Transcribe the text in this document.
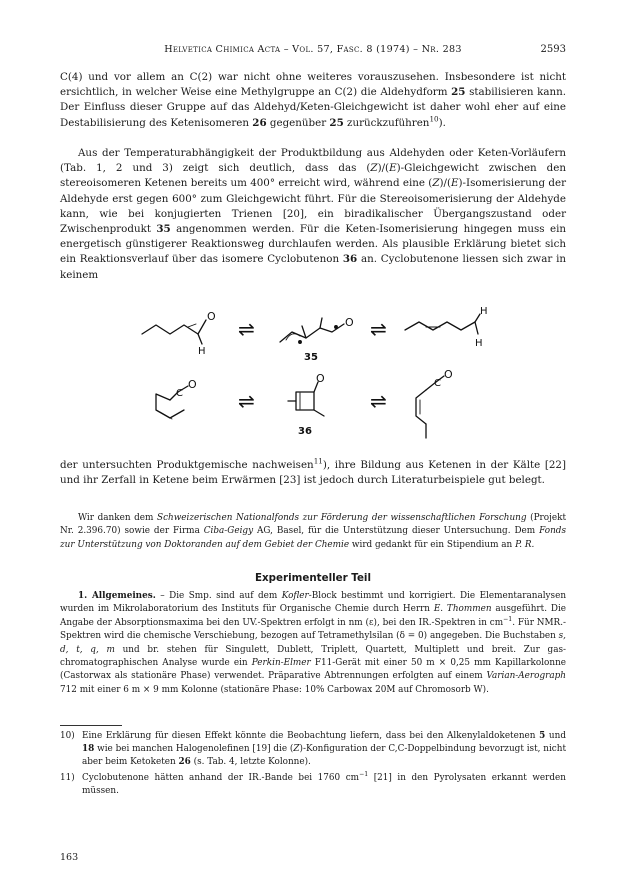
Helvetica Chimica Acta – Vol. 57, Fasc. 8 (1974) – Nr. 283	2593

C(4) und vor allem an C(2) war nicht ohne weiteres vorauszusehen. Insbesondere ist nicht ersichtlich, in welcher Weise eine Methylgruppe an C(2) die Aldehydform 25 stabilisieren kann. Der Einfluss dieser Gruppe auf das Aldehyd/Keten-Gleichgewicht ist daher wohl eher auf eine Destabilisierung des Ketenisomeren 26 gegenüber 25 zurückzuführen$^{10}$).

Aus der Temperaturabhängigkeit der Produktbildung aus Aldehyden oder Keten-Vorläufern (Tab. 1, 2 und 3) zeigt sich deutlich, dass das (Z)/(E)-Gleichgewicht zwischen den stereoisomeren Ketenen bereits um 400° erreicht wird, während eine (Z)/(E)-Isomerisierung der Aldehyde erst gegen 600° zum Gleichgewicht führt. Für die Stereoisomerisierung der Aldehyde kann, wie bei konjugierten Trienen [20], ein biradikalischer Übergangszustand oder Zwischenprodukt 35 angenommen werden. Für die Keten-Isomerisierung hingegen muss ein energetisch günstigerer Reaktionsweg durchlaufen werden. Als plausible Erklärung bietet sich ein Reaktionsverlauf über das isomere Cyclobutenon 36 an. Cyclobutenone liessen sich zwar in keinem

O
H
O
H
H
C
O	O	C
O
⇌	⇌
⇌	⇌
35
36

der untersuchten Produktgemische nachweisen$^{11}$), ihre Bildung aus Ketenen in der Kälte [22] und ihr Zerfall in Ketene beim Erwärmen [23] ist jedoch durch Literaturbeispiele gut belegt.

Wir danken dem Schweizerischen Nationalfonds zur Förderung der wissenschaftlichen Forschung (Projekt Nr. 2.396.70) sowie der Firma Ciba-Geigy AG, Basel, für die Unterstützung dieser Untersuchung. Dem Fonds zur Unterstützung von Doktoranden auf dem Gebiet der Chemie wird gedankt für ein Stipendium an P. R.

Experimenteller Teil

1. Allgemeines. – Die Smp. sind auf dem Kofler-Block bestimmt und korrigiert. Die Elementaranalysen wurden im Mikrolaboratorium des Instituts für Organische Chemie durch Herrn E. Thommen ausgeführt. Die Angabe der Absorptionsmaxima bei den UV.-Spektren erfolgt in nm (ε), bei den IR.-Spektren in $cm^{-1}$. Für NMR.-Spektren wird die chemische Verschiebung, bezogen auf Tetramethylsilan (δ = 0) angegeben. Die Buchstaben s, d, t, q, m und br. stehen für Singulett, Dublett, Triplett, Quartett, Multiplett und breit. Zur gas-chromatographischen Analyse wurde ein Perkin-Elmer F11-Gerät mit einer 50 m × 0,25 mm Kapillarkolonne (Castorwax als stationäre Phase) verwendet. Präparative Abtrennungen erfolgten auf einem Varian-Aerograph 712 mit einer 6 m × 9 mm Kolonne (stationäre Phase: 10% Carbowax 20M auf Chromosorb W).

10) Eine Erklärung für diesen Effekt könnte die Beobachtung liefern, dass bei den Alkenylaldoketenen 5 und 18 wie bei manchen Halogenolefinen [19] die (Z)-Konfiguration der C,C-Doppelbindung bevorzugt ist, nicht aber beim Ketoketen 26 (s. Tab. 4, letzte Kolonne).
11) Cyclobutenone hätten anhand der IR.-Bande bei 1760 $cm^{-1}$ [21] in den Pyrolysaten erkannt werden müssen.
163
